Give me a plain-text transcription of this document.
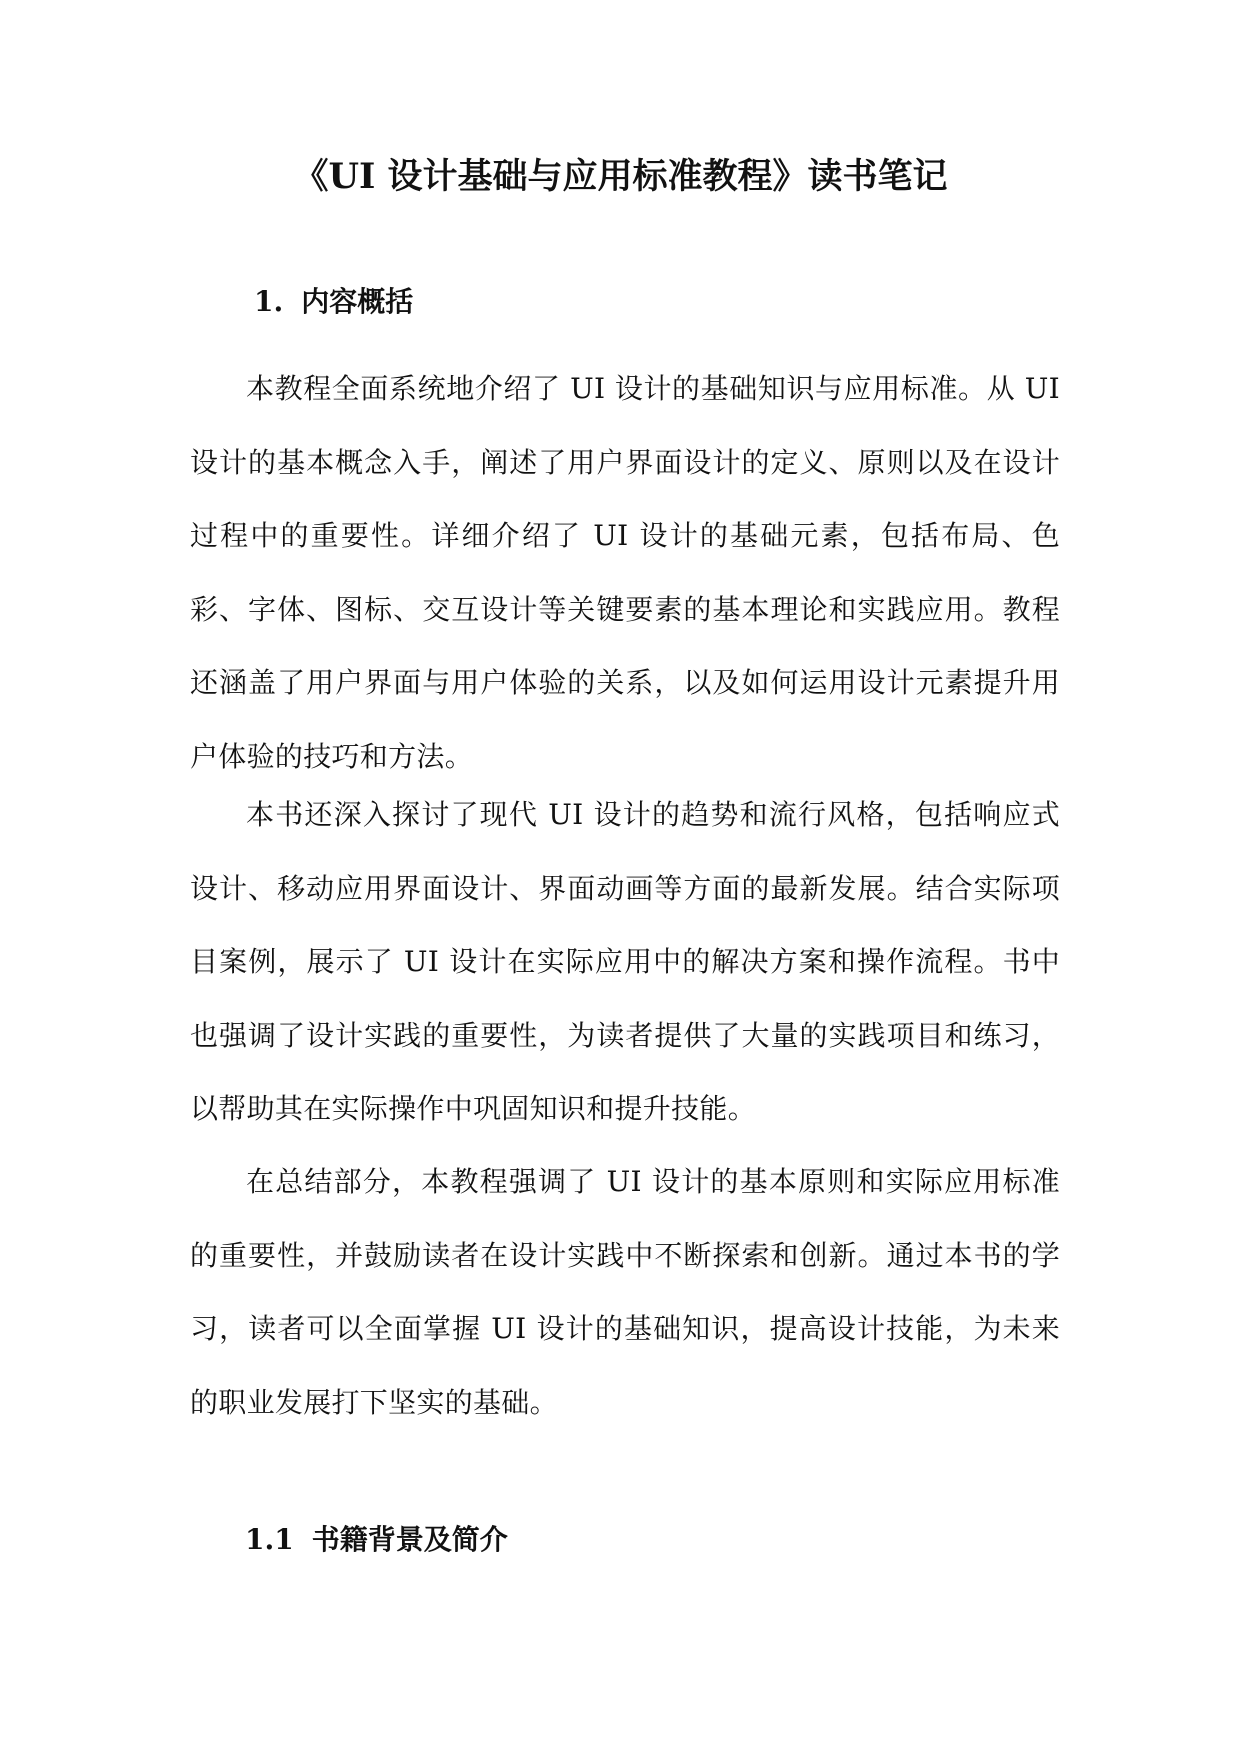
《UI 设计基础与应用标准教程》读书笔记
1. 内容概括

本教程全面系统地介绍了 UI 设计的基础知识与应用标准。从 UI 设计的基本概念入手，阐述了用户界面设计的定义、原则以及在设计过程中的重要性。详细介绍了 UI 设计的基础元素，包括布局、色彩、字体、图标、交互设计等关键要素的基本理论和实践应用。教程还涵盖了用户界面与用户体验的关系，以及如何运用设计元素提升用户体验的技巧和方法。

本书还深入探讨了现代 UI 设计的趋势和流行风格，包括响应式设计、移动应用界面设计、界面动画等方面的最新发展。结合实际项目案例，展示了 UI 设计在实际应用中的解决方案和操作流程。书中也强调了设计实践的重要性，为读者提供了大量的实践项目和练习，以帮助其在实际操作中巩固知识和提升技能。

在总结部分，本教程强调了 UI 设计的基本原则和实际应用标准的重要性，并鼓励读者在设计实践中不断探索和创新。通过本书的学习，读者可以全面掌握 UI 设计的基础知识，提高设计技能，为未来的职业发展打下坚实的基础。

1.1 书籍背景及简介
